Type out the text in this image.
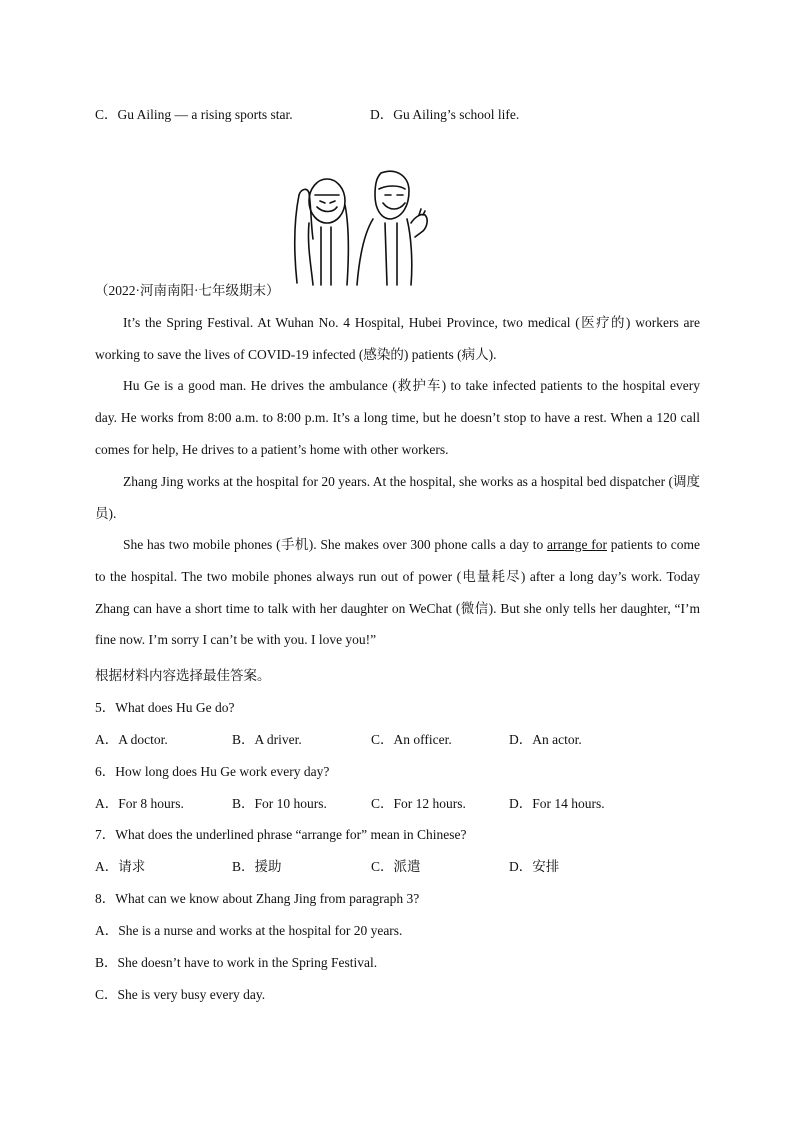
C．Gu Ailing — a rising sports star.	D．Gu Ailing’s school life.
（2022·河南南阳·七年级期末）
It’s the Spring Festival. At Wuhan No. 4 Hospital, Hubei Province, two medical (医疗的) workers are working to save the lives of COVID-19 infected (感染的) patients (病人).
Hu Ge is a good man. He drives the ambulance (救护车) to take infected patients to the hospital every day. He works from 8:00 a.m. to 8:00 p.m. It’s a long time, but he doesn’t stop to have a rest. When a 120 call comes for help, He drives to a patient’s home with other workers.
Zhang Jing works at the hospital for 20 years. At the hospital, she works as a hospital bed dispatcher (调度员).
She has two mobile phones (手机). She makes over 300 phone calls a day to arrange for patients to come to the hospital. The two mobile phones always run out of power (电量耗尽) after a long day’s work. Today Zhang can have a short time to talk with her daughter on WeChat (微信). But she only tells her daughter, “I’m fine now. I’m sorry I can’t be with you. I love you!”
根据材料内容选择最佳答案。
5．What does Hu Ge do?
A．A doctor.	B．A driver.	C．An officer.	D．An actor.
6．How long does Hu Ge work every day?
A．For 8 hours.	B．For 10 hours.	C．For 12 hours.	D．For 14 hours.
7．What does the underlined phrase “arrange for” mean in Chinese?
A．请求	B．援助	C．派遣	D．安排
8．What can we know about Zhang Jing from paragraph 3?
A．She is a nurse and works at the hospital for 20 years.
B．She doesn’t have to work in the Spring Festival.
C．She is very busy every day.
